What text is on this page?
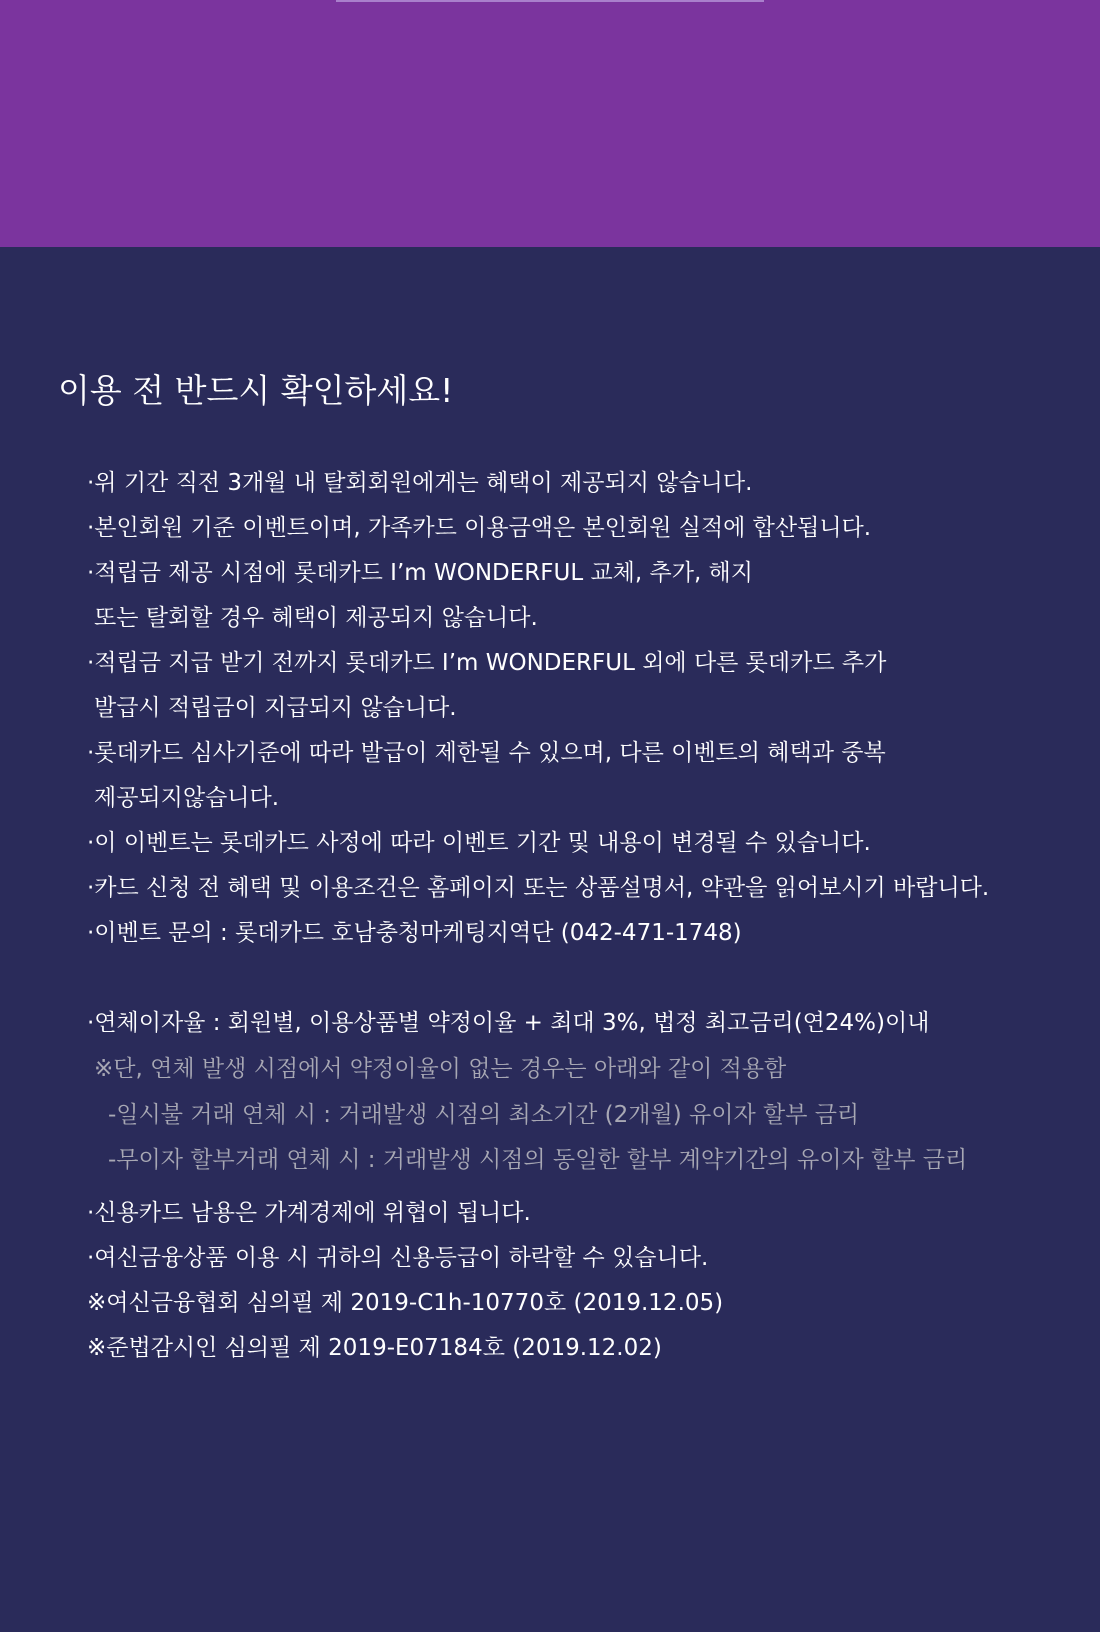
이용 전 반드시 확인하세요!
·위 기간 직전 3개월 내 탈회회원에게는 혜택이 제공되지 않습니다.
·본인회원 기준 이벤트이며, 가족카드 이용금액은 본인회원 실적에 합산됩니다.
·적립금 제공 시점에 롯데카드 I’m WONDERFUL 교체, 추가, 해지
또는 탈회할 경우 혜택이 제공되지 않습니다.
·적립금 지급 받기 전까지 롯데카드 I’m WONDERFUL 외에 다른 롯데카드 추가
발급시 적립금이 지급되지 않습니다.
·롯데카드 심사기준에 따라 발급이 제한될 수 있으며, 다른 이벤트의 혜택과 중복
제공되지않습니다.
·이 이벤트는 롯데카드 사정에 따라 이벤트 기간 및 내용이 변경될 수 있습니다.
·카드 신청 전 혜택 및 이용조건은 홈페이지 또는 상품설명서, 약관을 읽어보시기 바랍니다.
·이벤트 문의 : 롯데카드 호남충청마케팅지역단 (042-471-1748)
·연체이자율 : 회원별, 이용상품별 약정이율 + 최대 3%, 법정 최고금리(연24%)이내
※단, 연체 발생 시점에서 약정이율이 없는 경우는 아래와 같이 적용함
-일시불 거래 연체 시 : 거래발생 시점의 최소기간 (2개월) 유이자 할부 금리
-무이자 할부거래 연체 시 : 거래발생 시점의 동일한 할부 계약기간의 유이자 할부 금리
·신용카드 남용은 가계경제에 위협이 됩니다.
·여신금융상품 이용 시 귀하의 신용등급이 하락할 수 있습니다.
※여신금융협회 심의필 제 2019-C1h-10770호 (2019.12.05)
※준법감시인 심의필 제 2019-E07184호 (2019.12.02)
